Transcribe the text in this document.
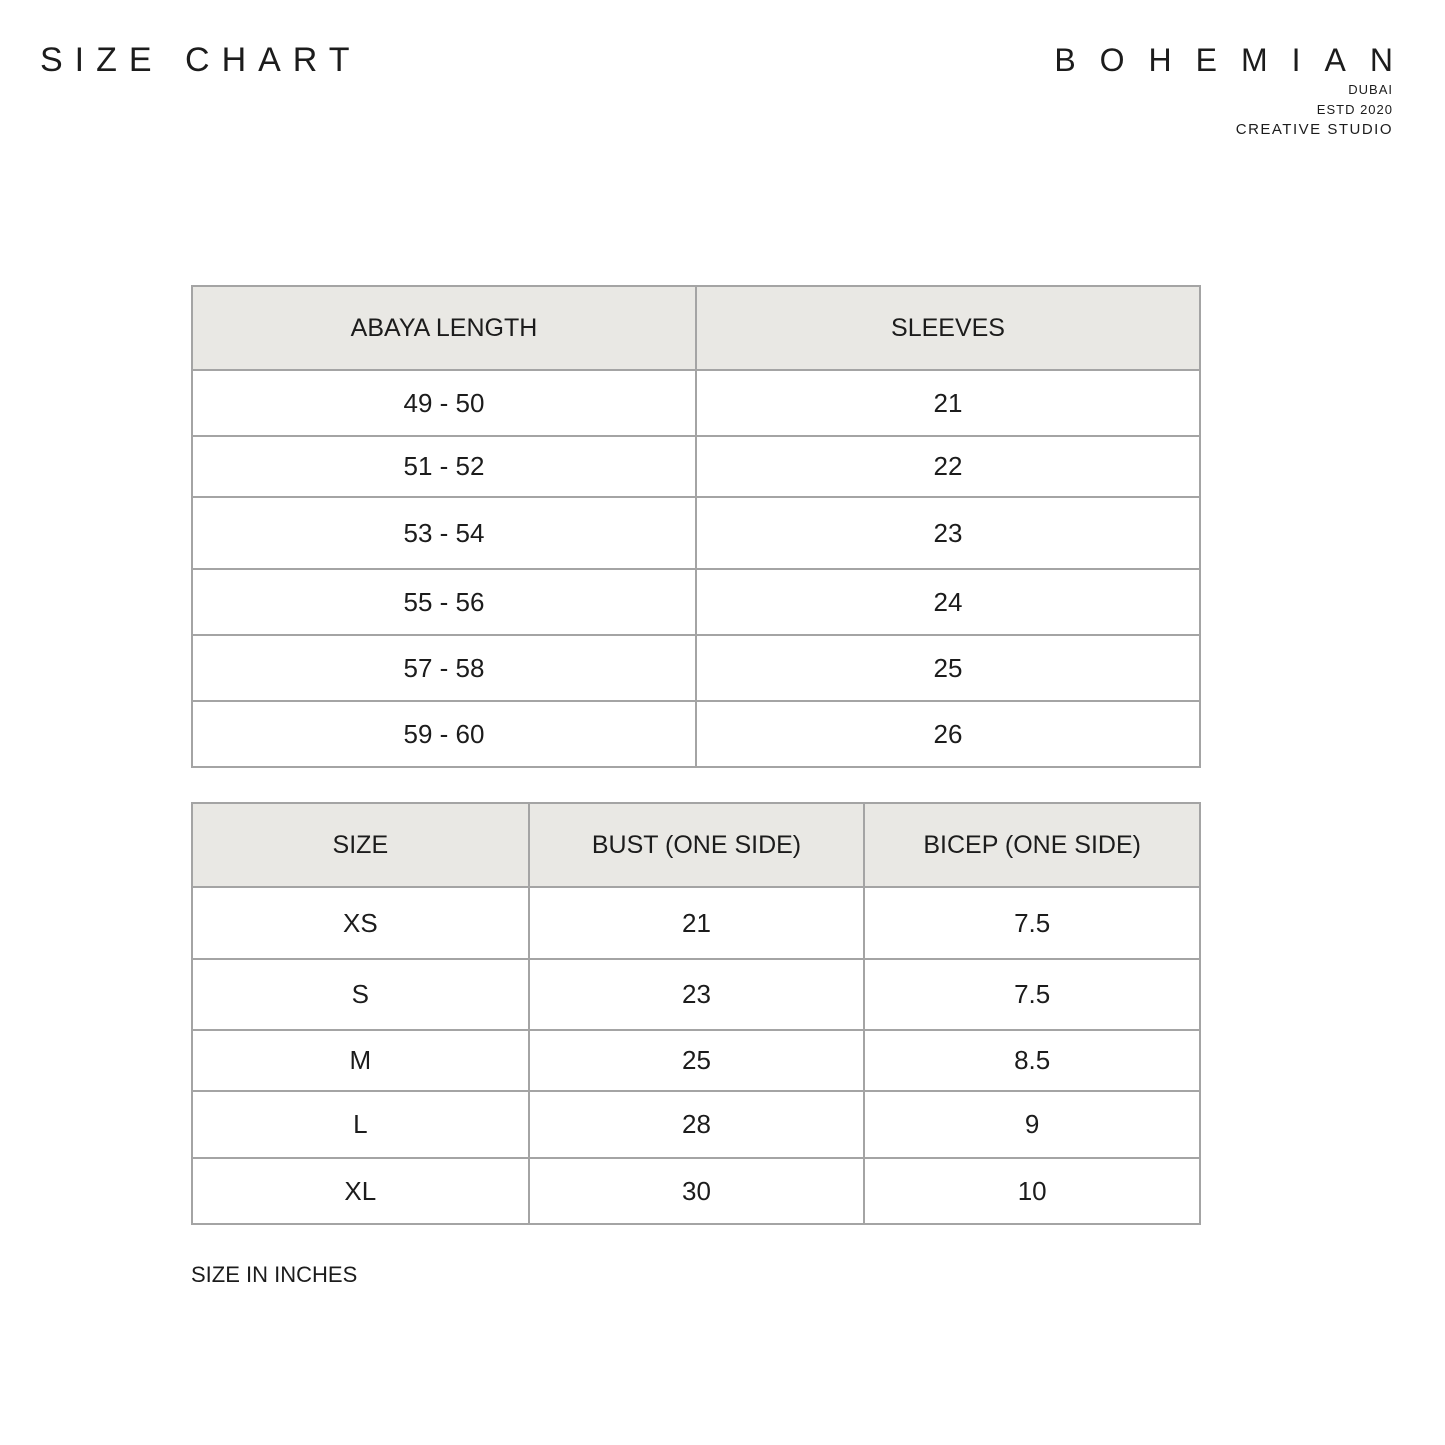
SIZE CHART	BOHEMIAN
DUBAI
ESTD 2020
CREATIVE STUDIO
ABAYA LENGTH	SLEEVES
49 - 50	21
51 - 52	22
53 - 54	23
55 - 56	24
57 - 58	25
59 - 60	26
SIZE	BUST (ONE SIDE)	BICEP (ONE SIDE)
XS	21	7.5
S	23	7.5
M	25	8.5
L	28	9
XL	30	10
SIZE IN INCHES
